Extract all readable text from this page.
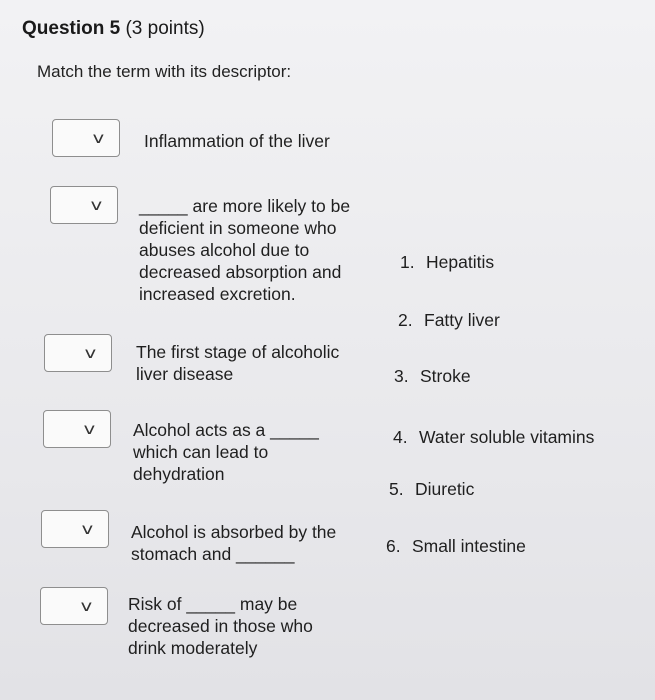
Question 5 (3 points)
Match the term with its descriptor:
v Inflammation of the liver
v _____ are more likely to be deficient in someone who abuses alcohol due to decreased absorption and increased excretion.
v The first stage of alcoholic liver disease
v Alcohol acts as a _____ which can lead to dehydration
v Alcohol is absorbed by the stomach and ______
v Risk of _____ may be decreased in those who drink moderately
1. Hepatitis
2. Fatty liver
3. Stroke
4. Water soluble vitamins
5. Diuretic
6. Small intestine
